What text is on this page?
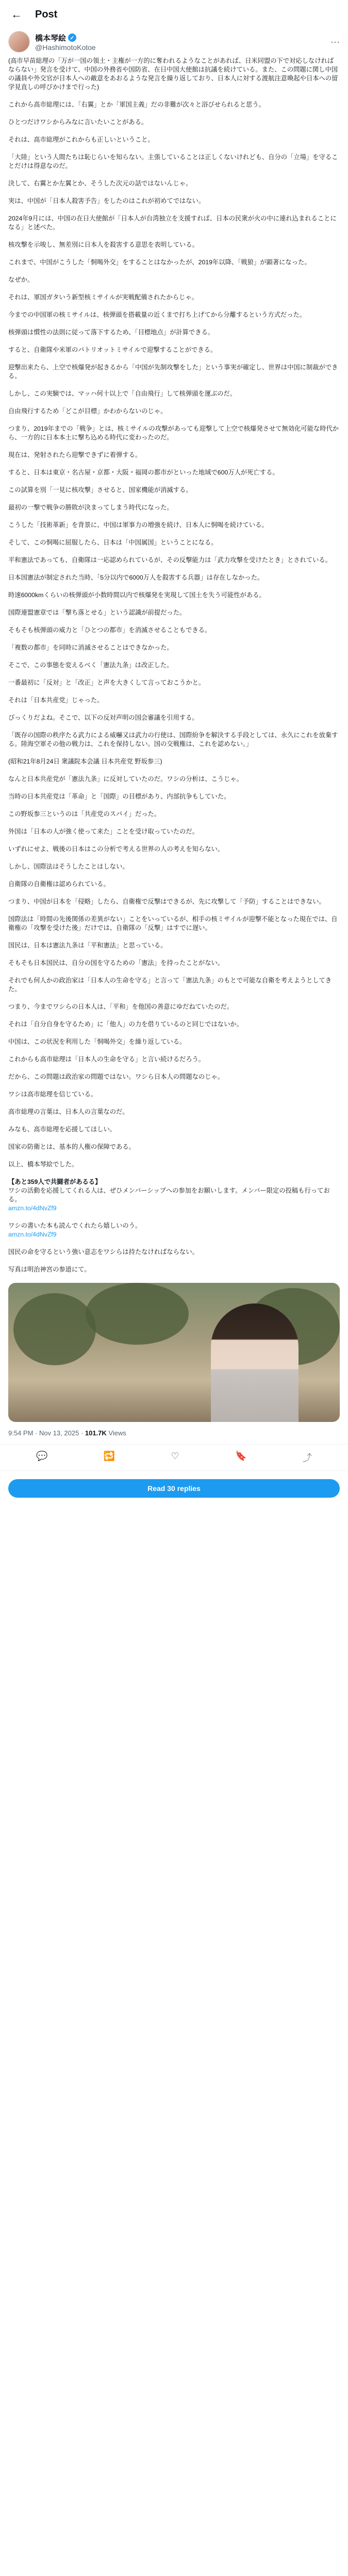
← Post
橋本琴絵 ✓
@HashimotoKotoe
···

(高市早苗総理の「万が一国の領土・主権が一方的に奪われるようなことがあれば、日米同盟の下で対応しなければならない」発言を受けて、中国の外務省や国防省、在日中国大使館は抗議を続けている。また、この問題に関し中国の議員や外交官が日本人への敵意をあおるような発言を繰り返しており、日本人に対する渡航注意喚起や日本への留学見直しの呼びかけまで行った)

これから高市総理には、「右翼」とか「軍国主義」だの非難が次々と浴びせられると思う。

ひとつだけワシからみなに言いたいことがある。

それは、高市総理がこれからも正しいということ。

「大陸」という人間たちは恥じらいを知らない。主張していることは正しくないけれども、自分の「立場」を守ることだけは得意なのだ。

決して、右翼とか左翼とか、そうした次元の話ではないんじゃ。

実は、中国が「日本人殺害予告」をしたのはこれが初めてではない。

2024年9月には、中国の在日大使館が「日本人が台湾独立を支援すれば、日本の民衆が火の中に連れ込まれることになる」と述べた。

核攻撃を示唆し、無差別に日本人を殺害する意思を表明している。

これまで、中国がこうした「恫喝外交」をすることはなかったが、2019年以降、「戦狼」が顕著になった。

なぜか。

それは、軍国ガタいう新型核ミサイルが実戦配備されたからじゃ。

今までの中国軍の核ミサイルは、核弾頭を搭載量の近くまで打ち上げてから分離するという方式だった。

核弾頭は慣性の法則に従って落下するため、「目標地点」が計算できる。

すると、自衛隊や米軍のパトリオットミサイルで迎撃することができる。

迎撃出来たら、上空で核爆発が起きるから「中国が先制攻撃をした」という事実が確定し、世界は中国に制裁ができる。

しかし、この実験では、マッハ何十以上で「自由飛行」して核弾頭を運ぶのだ。

自由飛行するため「どこが目標」かわからないのじゃ。

つまり、2019年までの「戦争」とは、核ミサイルの攻撃があっても迎撃して上空で核爆発させて無効化可能な時代から、一方的に日本本土に撃ち込める時代に変わったのだ。

現在は、発射されたら迎撃できずに着弾する。

すると、日本は東京・名古屋・京都・大阪・福岡の都市がといった地域で600万人が死亡する。

この試算を別「一見に核攻撃」させると、国家機能が消滅する。

最初の一撃で戦争の勝敗が決まってしまう時代になった。

こうした「技術革新」を背景に、中国は軍事力の増強を続け、日本人に恫喝を続けている。

そして、この恫喝に屈服したら、日本は「中国属国」ということになる。

平和憲法であっても、自衛隊は一応認められているが、その反撃能力は「武力攻撃を受けたとき」とされている。

日本国憲法が制定された当時、「5分以内で6000万人を殺害する兵器」は存在しなかった。

時速6000kmくらいの核弾頭が小数時間以内で核爆発を実現して国土を失う可能性がある。

国際連盟憲章では「撃ち落とせる」という認識が前提だった。

そもそも核弾頭の威力と「ひとつの都市」を消滅させることもできる。

「複数の都市」を同時に消滅させることはできなかった。

そこで、この事態を変えるべく「憲法九条」は改正した。

一番最初に「反対」と「改正」と声を大きくして言っておこうかと。

それは「日本共産党」じゃった。

びっくりだよね。そこで、以下の反対声明の国会審議を引用する。

「既存の国際の秩序たる武力による威嚇又は武力の行使は、国際紛争を解決する手段としては、永久にこれを放棄する。陸海空軍その他の戦力は、これを保持しない。国の交戦権は、これを認めない。」

(昭和21年8月24日 衆議院本会議 日本共産党 野坂参三)

なんと日本共産党が「憲法九条」に反対していたのだ。ワシの分析は、こうじゃ。

当時の日本共産党は「革命」と「国際」の目標があり、内部抗争もしていた。

この野坂参三というのは「共産党のスパイ」だった。

外国は「日本の人が強く使って来た」ことを受け取っていたのだ。

いずれにせよ、戦後の日本はこの分析で考える世界の人の考えを知らない。

しかし、国際法はそうしたことはしない。

自衛隊の自衛権は認められている。

つまり、中国が日本を「侵略」したら、自衛権で反撃はできるが、先に攻撃して「予防」することはできない。

国際法は「時間の先後関係の差異がない」ことをいっているが、相手の核ミサイルが迎撃不能となった現在では、自衛権の「攻撃を受けた後」だけでは、自衛隊の「反撃」はすでに遅い。

国民は、日本は憲法九条は「平和憲法」と思っている。

そもそも日本国民は、自分の国を守るための「憲法」を持ったことがない。

それでも何人かの政治家は「日本人の生命を守る」と言って「憲法九条」のもとで可能な自衛を考えようとしてきた。

つまり、今までワシらの日本人は、「平和」を他国の善意にゆだねていたのだ。

それは「自分自身を守るため」に「他人」の力を借りているのと同じではないか。

中国は、この状況を利用した「恫喝外交」を繰り返している。

これからも高市総理は「日本人の生命を守る」と言い続けるだろう。

だから、この問題は政治家の問題ではない。ワシら日本人の問題なのじゃ。

ワシは高市総理を信じている。

高市総理の言葉は、日本人の言葉なのだ。

みなも、高市総理を応援してほしい。

国家の防衛とは、基本的人権の保障である。

以上、橋本琴絵でした。

【あと359人で共闘者があるる】
ワシの活動を応援してくれる人は、ぜひメンバーシップへの参加をお願いします。メンバー限定の投稿も行っておる。
amzn.to/4dNvZf9

ワシの書いた本も読んでくれたら嬉しいのう。
amzn.to/4dNvZf9

国民の命を守るという強い意志をワシらは持たなければならない。

写真は明治神宮の参道にて。

9:54 PM · Nov 13, 2025 · 101.7K Views
💬	🔁	♡	🔖	⤴
Read 30 replies
